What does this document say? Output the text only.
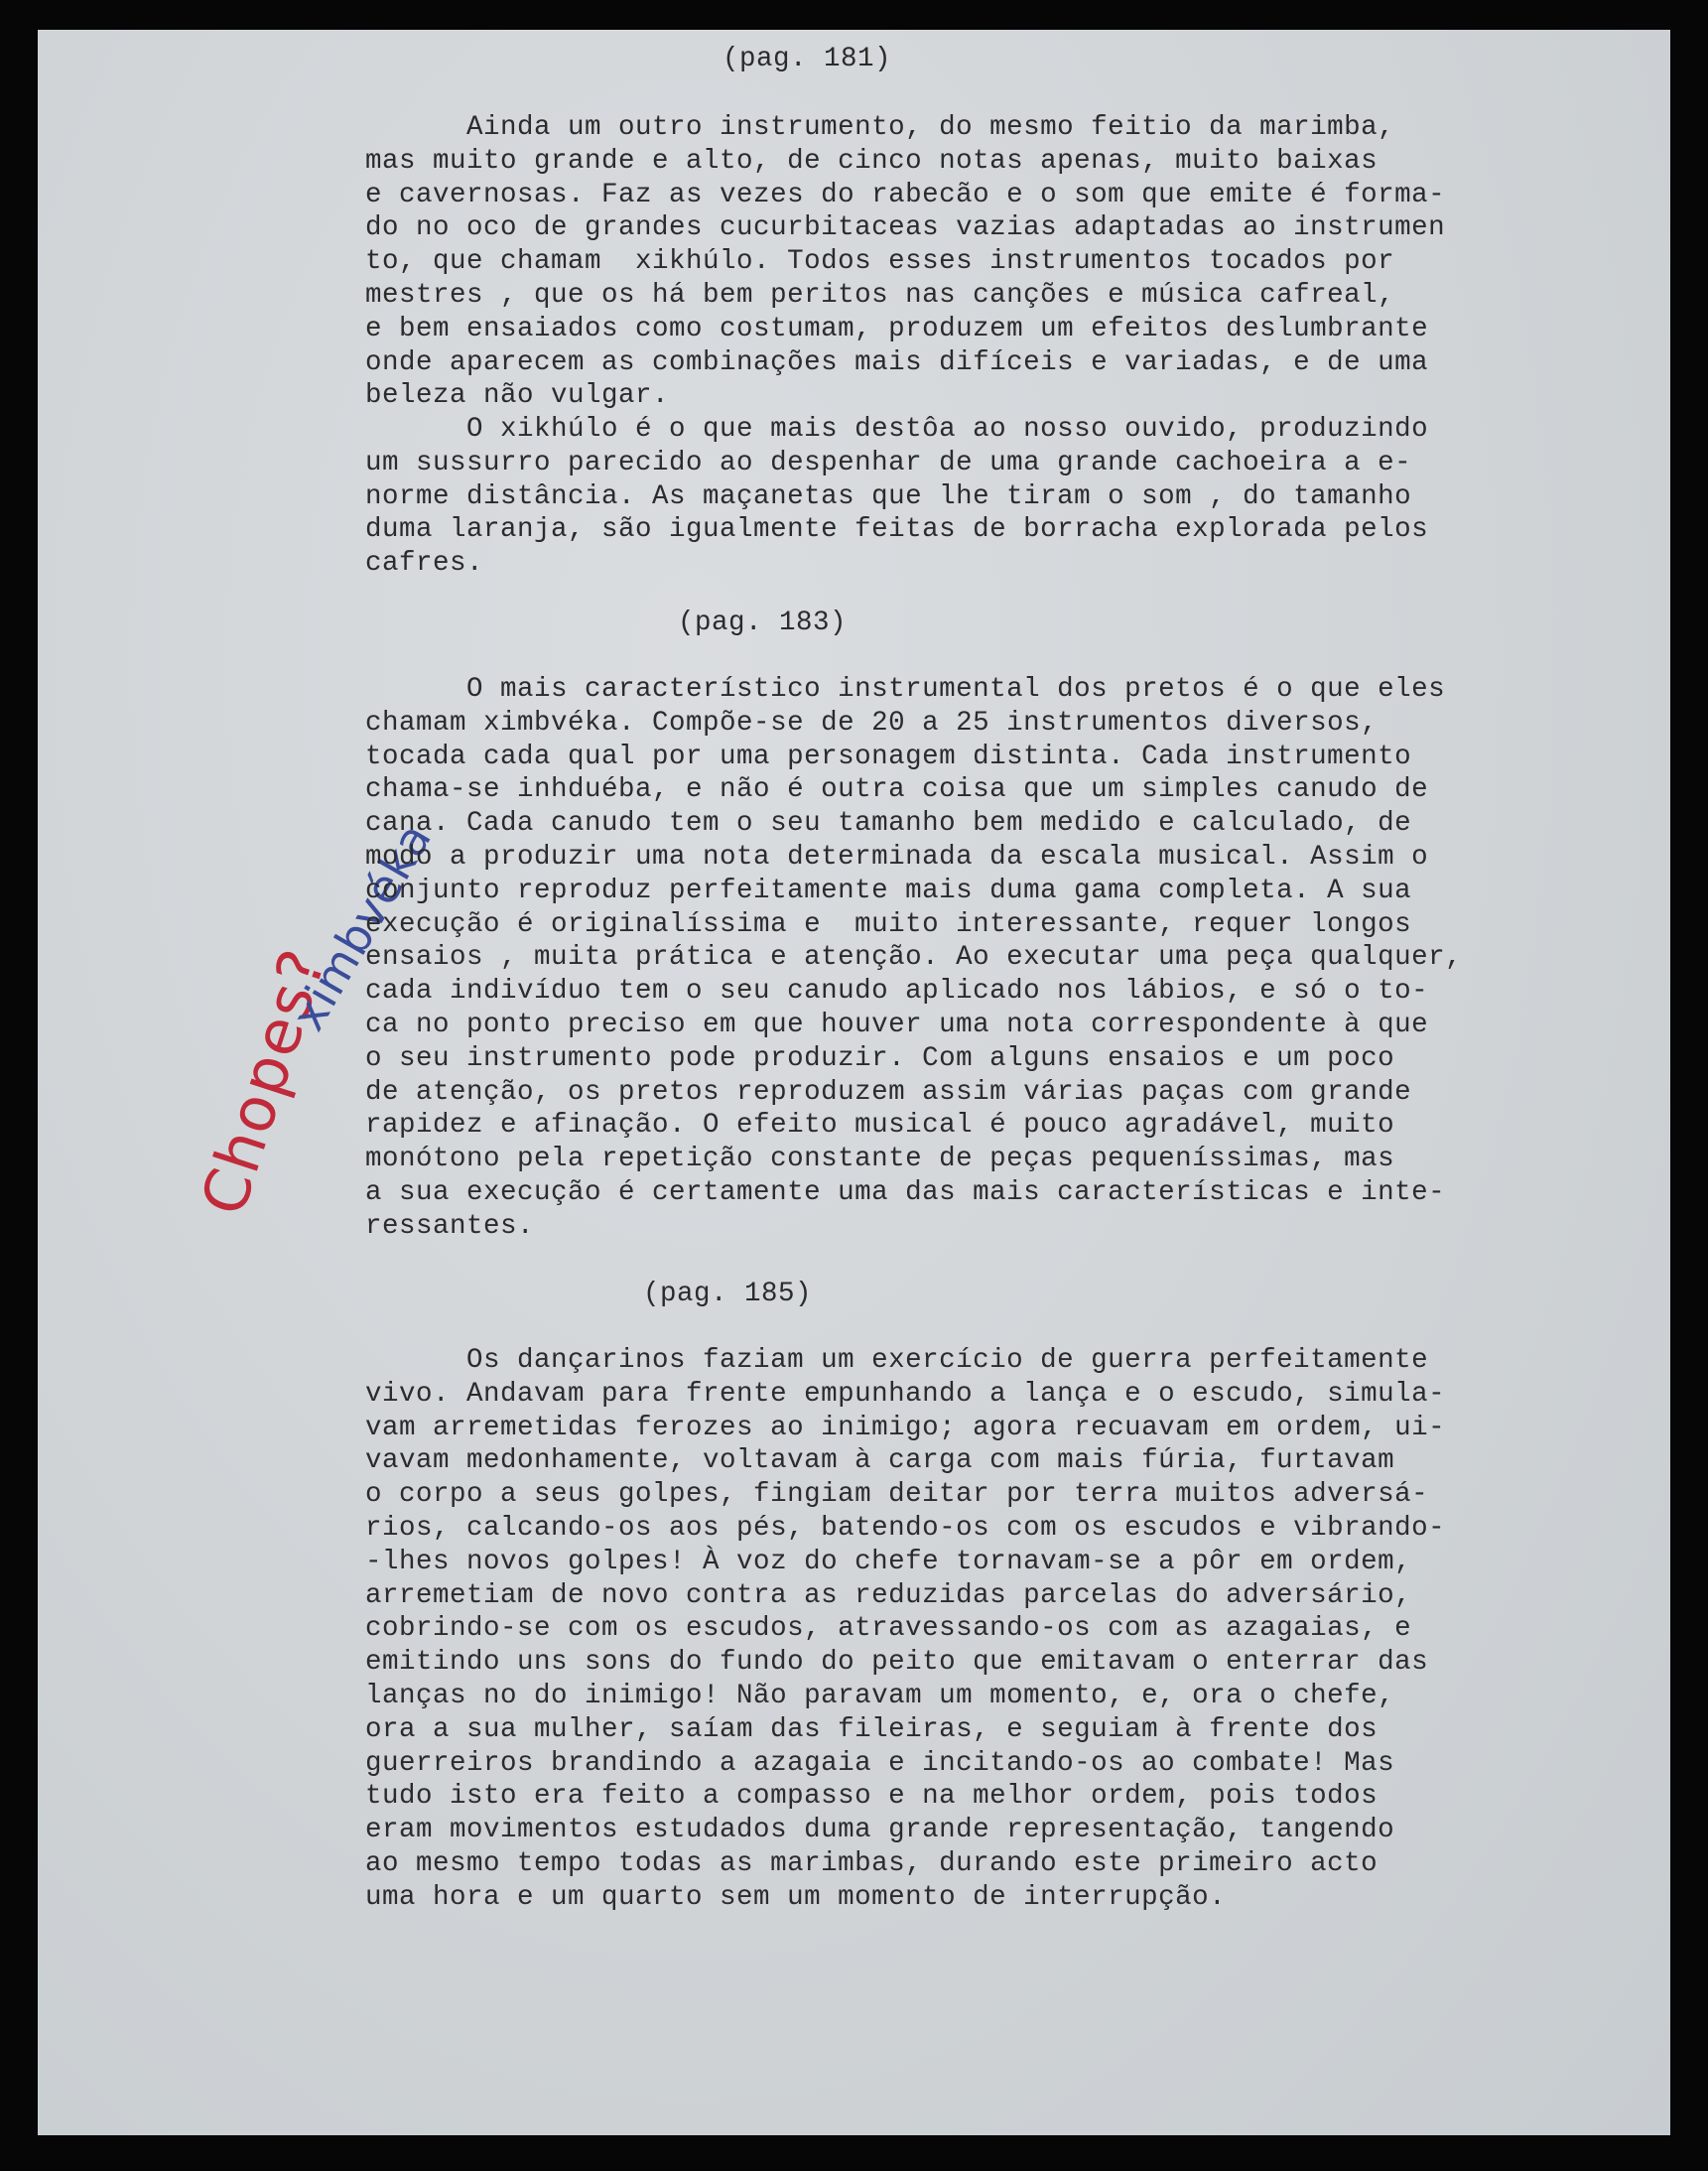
Chopes?
ximbvéka
(pag. 181)
Ainda um outro instrumento, do mesmo feitio da marimba,
mas muito grande e alto, de cinco notas apenas, muito baixas
e cavernosas. Faz as vezes do rabecão e o som que emite é forma-
do no oco de grandes cucurbitaceas vazias adaptadas ao instrumen
to, que chamam  xikhúlo. Todos esses instrumentos tocados por
mestres , que os há bem peritos nas canções e música cafreal,
e bem ensaiados como costumam, produzem um efeitos deslumbrante
onde aparecem as combinações mais difíceis e variadas, e de uma
beleza não vulgar.
O xikhúlo é o que mais destôa ao nosso ouvido, produzindo
um sussurro parecido ao despenhar de uma grande cachoeira a e-
norme distância. As maçanetas que lhe tiram o som , do tamanho
duma laranja, são igualmente feitas de borracha explorada pelos
cafres.
(pag. 183)
O mais característico instrumental dos pretos é o que eles
chamam ximbvéka. Compõe-se de 20 a 25 instrumentos diversos,
tocada cada qual por uma personagem distinta. Cada instrumento
chama-se inhduéba, e não é outra coisa que um simples canudo de
cana. Cada canudo tem o seu tamanho bem medido e calculado, de
modo a produzir uma nota determinada da escala musical. Assim o
conjunto reproduz perfeitamente mais duma gama completa. A sua
execução é originalíssima e  muito interessante, requer longos
ensaios , muita prática e atenção. Ao executar uma peça qualquer,
cada indivíduo tem o seu canudo aplicado nos lábios, e só o to-
ca no ponto preciso em que houver uma nota correspondente à que
o seu instrumento pode produzir. Com alguns ensaios e um poco
de atenção, os pretos reproduzem assim várias paças com grande
rapidez e afinação. O efeito musical é pouco agradável, muito
monótono pela repetição constante de peças pequeníssimas, mas
a sua execução é certamente uma das mais características e inte-
ressantes.
(pag. 185)
Os dançarinos faziam um exercício de guerra perfeitamente
vivo. Andavam para frente empunhando a lança e o escudo, simula-
vam arremetidas ferozes ao inimigo; agora recuavam em ordem, ui-
vavam medonhamente, voltavam à carga com mais fúria, furtavam
o corpo a seus golpes, fingiam deitar por terra muitos adversá-
rios, calcando-os aos pés, batendo-os com os escudos e vibrando-
-lhes novos golpes! À voz do chefe tornavam-se a pôr em ordem,
arremetiam de novo contra as reduzidas parcelas do adversário,
cobrindo-se com os escudos, atravessando-os com as azagaias, e
emitindo uns sons do fundo do peito que emitavam o enterrar das
lanças no do inimigo! Não paravam um momento, e, ora o chefe,
ora a sua mulher, saíam das fileiras, e seguiam à frente dos
guerreiros brandindo a azagaia e incitando-os ao combate! Mas
tudo isto era feito a compasso e na melhor ordem, pois todos
eram movimentos estudados duma grande representação, tangendo
ao mesmo tempo todas as marimbas, durando este primeiro acto
uma hora e um quarto sem um momento de interrupção.
